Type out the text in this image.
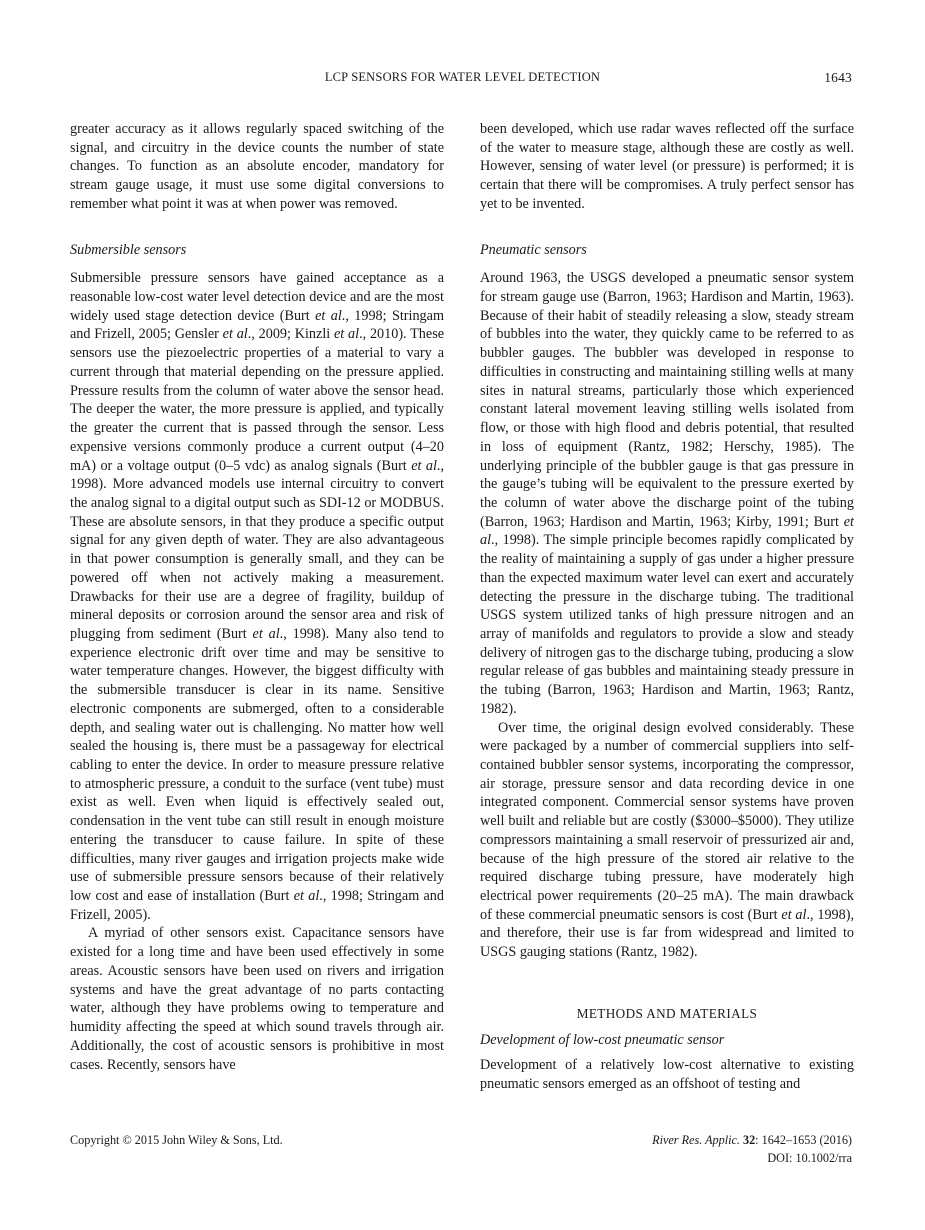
LCP SENSORS FOR WATER LEVEL DETECTION	1643

greater accuracy as it allows regularly spaced switching of the signal, and circuitry in the device counts the number of state changes. To function as an absolute encoder, mandatory for stream gauge usage, it must use some digital conversions to remember what point it was at when power was removed.

Submersible sensors

Submersible pressure sensors have gained acceptance as a reasonable low-cost water level detection device and are the most widely used stage detection device (Burt et al., 1998; Stringam and Frizell, 2005; Gensler et al., 2009; Kinzli et al., 2010). These sensors use the piezoelectric properties of a material to vary a current through that material depending on the pressure applied. Pressure results from the column of water above the sensor head. The deeper the water, the more pressure is applied, and typically the greater the current that is passed through the sensor. Less expensive versions commonly produce a current output (4–20 mA) or a voltage output (0–5 vdc) as analog signals (Burt et al., 1998). More advanced models use internal circuitry to convert the analog signal to a digital output such as SDI-12 or MODBUS. These are absolute sensors, in that they produce a specific output signal for any given depth of water. They are also advantageous in that power consumption is generally small, and they can be powered off when not actively making a measurement. Drawbacks for their use are a degree of fragility, buildup of mineral deposits or corrosion around the sensor area and risk of plugging from sediment (Burt et al., 1998). Many also tend to experience electronic drift over time and may be sensitive to water temperature changes. However, the biggest difficulty with the submersible transducer is clear in its name. Sensitive electronic components are submerged, often to a considerable depth, and sealing water out is challenging. No matter how well sealed the housing is, there must be a passageway for electrical cabling to enter the device. In order to measure pressure relative to atmospheric pressure, a conduit to the surface (vent tube) must exist as well. Even when liquid is effectively sealed out, condensation in the vent tube can still result in enough moisture entering the transducer to cause failure. In spite of these difficulties, many river gauges and irrigation projects make wide use of submersible pressure sensors because of their relatively low cost and ease of installation (Burt et al., 1998; Stringam and Frizell, 2005).

A myriad of other sensors exist. Capacitance sensors have existed for a long time and have been used effectively in some areas. Acoustic sensors have been used on rivers and irrigation systems and have the great advantage of no parts contacting water, although they have problems owing to temperature and humidity affecting the speed at which sound travels through air. Additionally, the cost of acoustic sensors is prohibitive in most cases. Recently, sensors have

been developed, which use radar waves reflected off the surface of the water to measure stage, although these are costly as well. However, sensing of water level (or pressure) is performed; it is certain that there will be compromises. A truly perfect sensor has yet to be invented.

Pneumatic sensors

Around 1963, the USGS developed a pneumatic sensor system for stream gauge use (Barron, 1963; Hardison and Martin, 1963). Because of their habit of steadily releasing a slow, steady stream of bubbles into the water, they quickly came to be referred to as bubbler gauges. The bubbler was developed in response to difficulties in constructing and maintaining stilling wells at many sites in natural streams, particularly those which experienced constant lateral movement leaving stilling wells isolated from flow, or those with high flood and debris potential, that resulted in loss of equipment (Rantz, 1982; Herschy, 1985). The underlying principle of the bubbler gauge is that gas pressure in the gauge’s tubing will be equivalent to the pressure exerted by the column of water above the discharge point of the tubing (Barron, 1963; Hardison and Martin, 1963; Kirby, 1991; Burt et al., 1998). The simple principle becomes rapidly complicated by the reality of maintaining a supply of gas under a higher pressure than the expected maximum water level can exert and accurately detecting the pressure in the discharge tubing. The traditional USGS system utilized tanks of high pressure nitrogen and an array of manifolds and regulators to provide a slow and steady delivery of nitrogen gas to the discharge tubing, producing a slow regular release of gas bubbles and maintaining steady pressure in the tubing (Barron, 1963; Hardison and Martin, 1963; Rantz, 1982).

Over time, the original design evolved considerably. These were packaged by a number of commercial suppliers into self-contained bubbler sensor systems, incorporating the compressor, air storage, pressure sensor and data recording device in one integrated component. Commercial sensor systems have proven well built and reliable but are costly ($3000–$5000). They utilize compressors maintaining a small reservoir of pressurized air and, because of the high pressure of the stored air relative to the required discharge tubing pressure, have moderately high electrical power requirements (20–25 mA). The main drawback of these commercial pneumatic sensors is cost (Burt et al., 1998), and therefore, their use is far from widespread and limited to USGS gauging stations (Rantz, 1982).

METHODS AND MATERIALS

Development of low-cost pneumatic sensor

Development of a relatively low-cost alternative to existing pneumatic sensors emerged as an offshoot of testing and

Copyright © 2015 John Wiley & Sons, Ltd.	River Res. Applic. 32: 1642–1653 (2016)
DOI: 10.1002/rra
